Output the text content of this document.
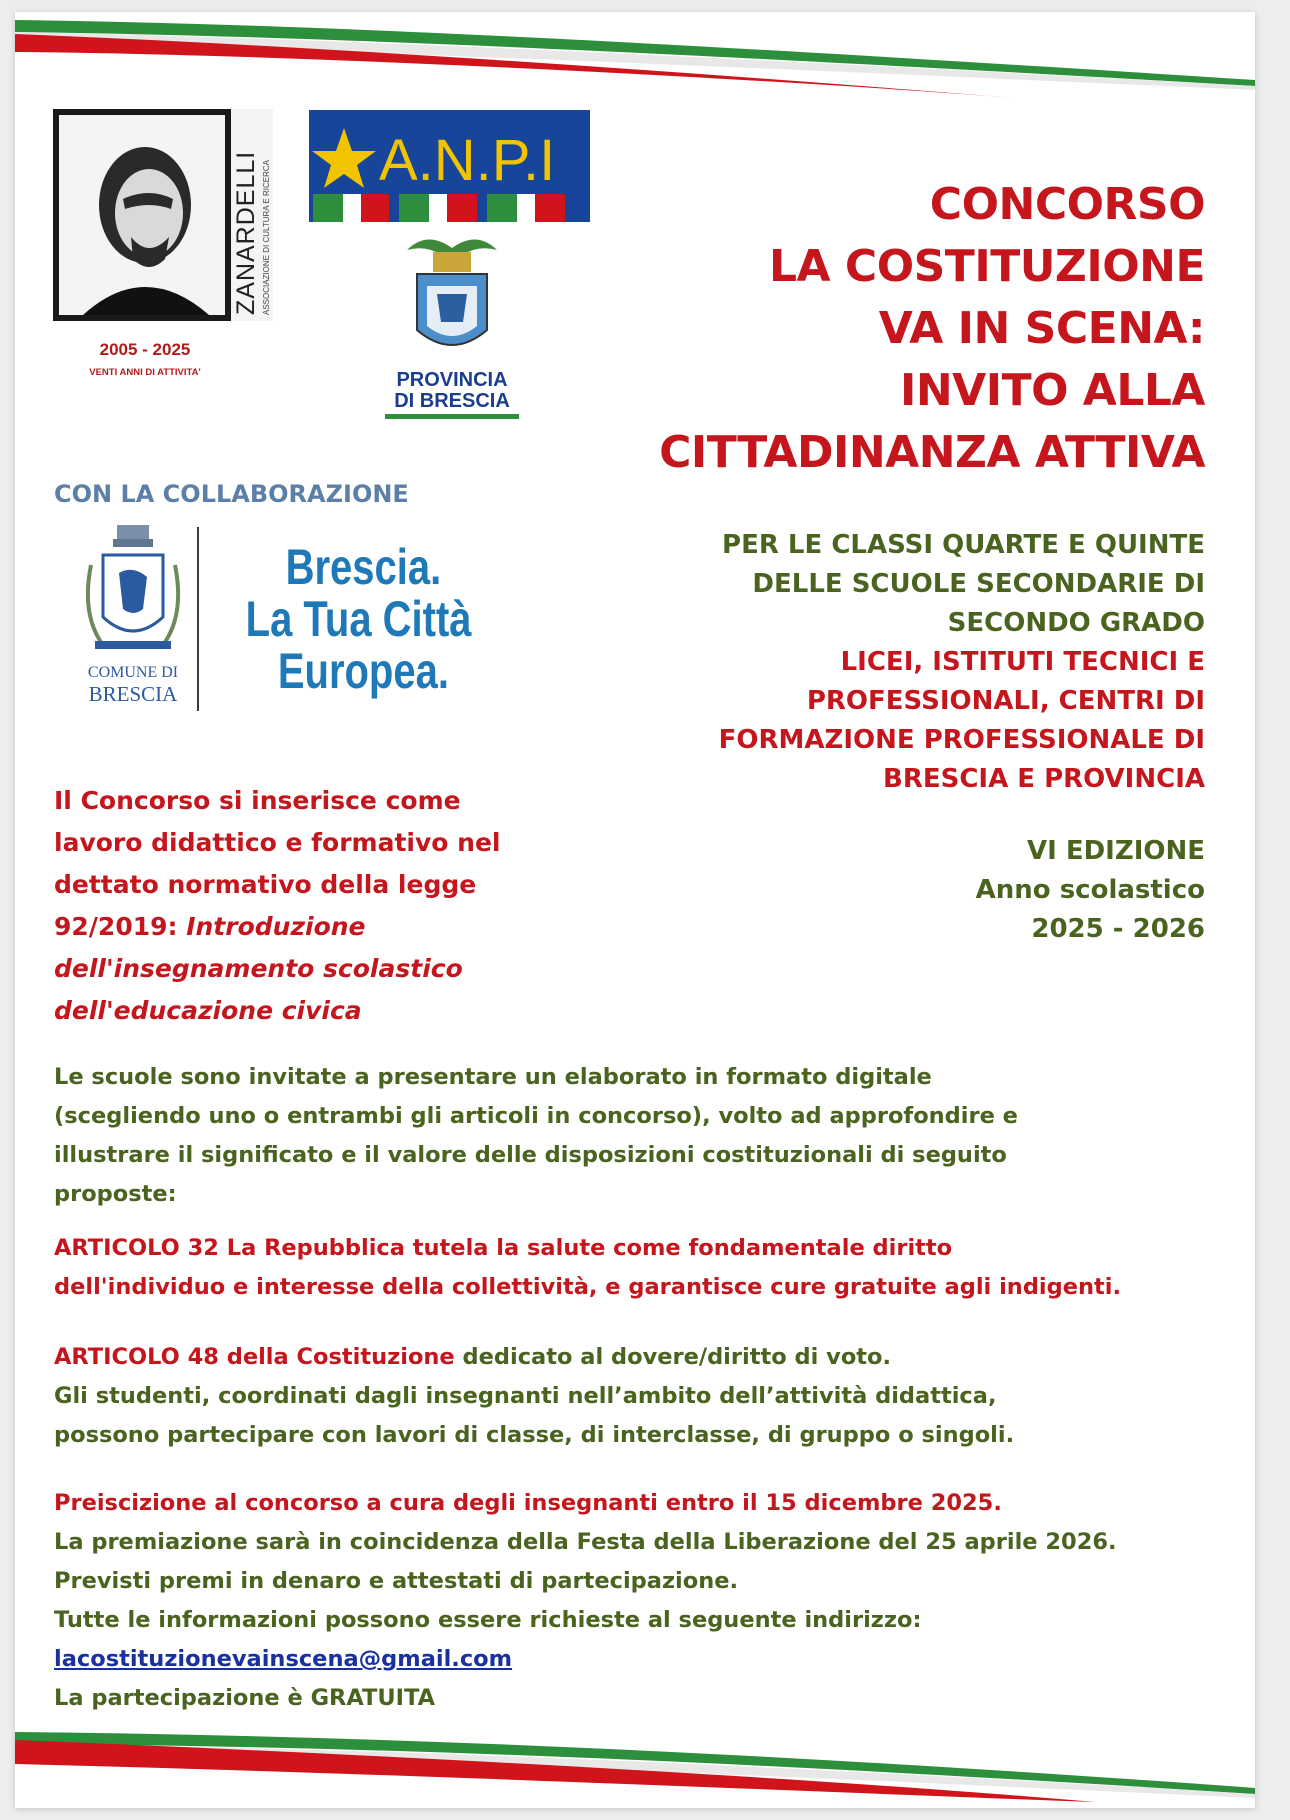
ZANARDELLI ASSOCIAZIONE DI CULTURA E RICERCA
2005 - 2025
VENTI ANNI DI ATTIVITA'
A.N.P.I
PROVINCIA
DI BRESCIA
CONCORSO
LA COSTITUZIONE
VA IN SCENA:
INVITO ALLA
CITTADINANZA ATTIVA
CON LA COLLABORAZIONE
COMUNE DI
BRESCIA
Brescia.
La Tua Città
Europea.
PER LE CLASSI QUARTE E QUINTE
DELLE SCUOLE SECONDARIE DI
SECONDO GRADO
LICEI, ISTITUTI TECNICI E
PROFESSIONALI, CENTRI DI
FORMAZIONE PROFESSIONALE DI
BRESCIA E PROVINCIA
VI EDIZIONE
Anno scolastico
2025 - 2026
Il Concorso si inserisce come
lavoro didattico e formativo nel
dettato normativo della legge
92/2019: Introduzione
dell'insegnamento scolastico
dell'educazione civica
Le scuole sono invitate a presentare un elaborato in formato digitale
(scegliendo uno o entrambi gli articoli in concorso), volto ad approfondire e
illustrare il significato e il valore delle disposizioni costituzionali di seguito
proposte:
ARTICOLO 32 La Repubblica tutela la salute come fondamentale diritto
dell'individuo e interesse della collettività, e garantisce cure gratuite agli indigenti.
ARTICOLO 48 della Costituzione dedicato al dovere/diritto di voto.
Gli studenti, coordinati dagli insegnanti nell’ambito dell’attività didattica,
possono partecipare con lavori di classe, di interclasse, di gruppo o singoli.
Preiscizione al concorso a cura degli insegnanti entro il 15 dicembre 2025.
La premiazione sarà in coincidenza della Festa della Liberazione del 25 aprile 2026.
Previsti premi in denaro e attestati di partecipazione.
Tutte le informazioni possono essere richieste al seguente indirizzo:
lacostituzionevainscena@gmail.com
La partecipazione è GRATUITA
